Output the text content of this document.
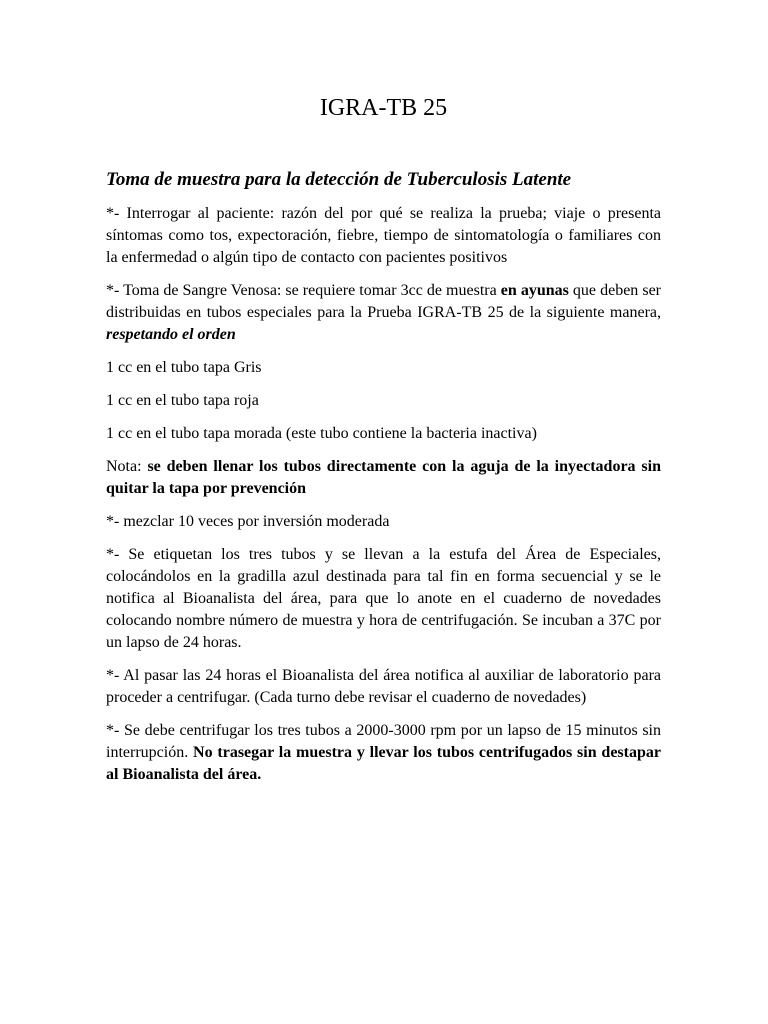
IGRA-TB 25
Toma de muestra para la detección de Tuberculosis Latente

*- Interrogar al paciente: razón del por qué se realiza la prueba; viaje o presenta síntomas como tos, expectoración, fiebre, tiempo de sintomatología o familiares con la enfermedad o algún tipo de contacto con pacientes positivos

*- Toma de Sangre Venosa: se requiere tomar 3cc de muestra en ayunas que deben ser distribuidas en tubos especiales para la Prueba IGRA-TB 25 de la siguiente manera, respetando el orden

1 cc en el tubo tapa Gris

1 cc en el tubo tapa roja

1 cc en el tubo tapa morada (este tubo contiene la bacteria inactiva)

Nota: se deben llenar los tubos directamente con la aguja de la inyectadora sin quitar la tapa por prevención

*- mezclar 10 veces por inversión moderada

*- Se etiquetan los tres tubos y se llevan a la estufa del Área de Especiales, colocándolos en la gradilla azul destinada para tal fin en forma secuencial y se le notifica al Bioanalista del área, para que lo anote en el cuaderno de novedades colocando nombre número de muestra y hora de centrifugación. Se incuban a 37C por un lapso de 24 horas.

*- Al pasar las 24 horas el Bioanalista del área notifica al auxiliar de laboratorio para proceder a centrifugar. (Cada turno debe revisar el cuaderno de novedades)

*- Se debe centrifugar los tres tubos a 2000-3000 rpm por un lapso de 15 minutos sin interrupción. No trasegar la muestra y llevar los tubos centrifugados sin destapar al Bioanalista del área.
